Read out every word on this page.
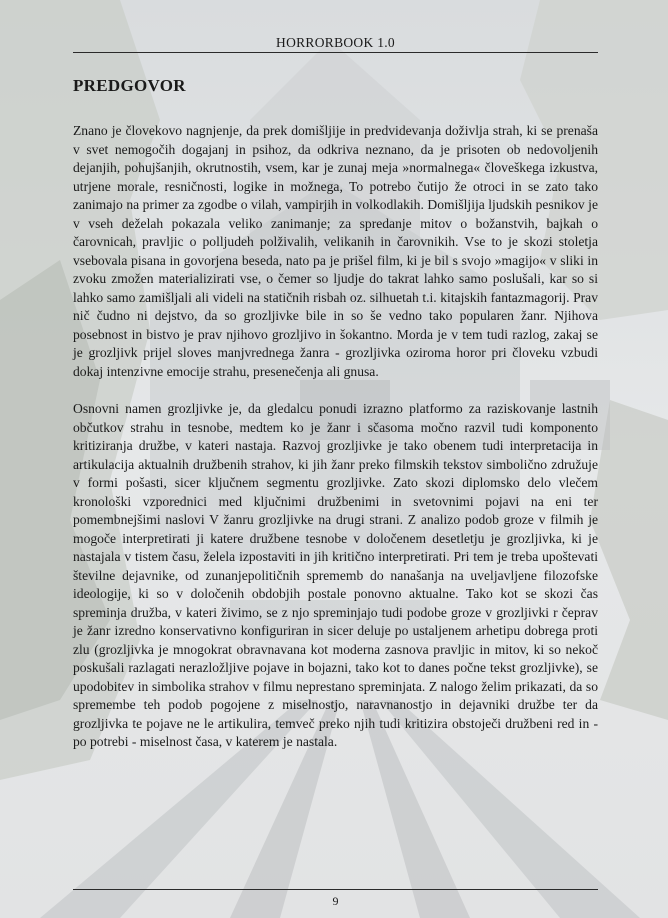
HORRORBOOK 1.0
PREDGOVOR

Znano je človekovo nagnjenje, da prek domišljije in predvidevanja doživlja strah, ki se prenaša v svet nemogočih dogajanj in psihoz, da odkriva neznano, da je prisoten ob nedovoljenih dejanjih, pohujšanjih, okrutnostih, vsem, kar je zunaj meja »normalnega« človeškega izkustva, utrjene morale, resničnosti, logike in možnega, To potrebo čutijo že otroci in se zato tako zanimajo na primer za zgodbe o vilah, vampirjih in volkodlakih. Domišljija ljudskih pesnikov je v vseh deželah pokazala veliko zanimanje; za spredanje mitov o božanstvih, bajkah o čarovnicah, pravljic o polljudeh polživalih, velikanih in čarovnikih. Vse to je skozi stoletja vsebovala pisana in govorjena beseda, nato pa je prišel film, ki je bil s svojo »magijo« v sliki in zvoku zmožen materializirati vse, o čemer so ljudje do takrat lahko samo poslušali, kar so si lahko samo zamišljali ali videli na statičnih risbah oz. silhuetah t.i. kitajskih fantazmagorij. Prav nič čudno ni dejstvo, da so grozljivke bile in so še vedno tako popularen žanr. Njihova posebnost in bistvo je prav njihovo grozljivo in šokantno. Morda je v tem tudi razlog, zakaj se je grozljivk prijel sloves manjvrednega žanra - grozljivka oziroma horor pri človeku vzbudi dokaj intenzivne emocije strahu, presenečenja ali gnusa.

Osnovni namen grozljivke je, da gledalcu ponudi izrazno platformo za raziskovanje lastnih občutkov strahu in tesnobe, medtem ko je žanr i sčasoma močno razvil tudi komponento kritiziranja družbe, v kateri nastaja. Razvoj grozljivke je tako obenem tudi interpretacija in artikulacija aktualnih družbenih strahov, ki jih žanr preko filmskih tekstov simbolično združuje v formi pošasti, sicer ključnem segmentu grozljivke. Zato skozi diplomsko delo vlečem kronološki vzporednici med ključnimi družbenimi in svetovnimi pojavi na eni ter pomembnejšimi naslovi V žanru grozljivke na drugi strani. Z analizo podob groze v filmih je mogoče interpretirati ji katere družbene tesnobe v določenem desetletju je grozljivka, ki je nastajala v tistem času, želela izpostaviti in jih kritično interpretirati. Pri tem je treba upoštevati številne dejavnike, od zunanjepolitičnih sprememb do nanašanja na uveljavljene filozofske ideologije, ki so v določenih obdobjih postale ponovno aktualne. Tako kot se skozi čas spreminja družba, v kateri živimo, se z njo spreminjajo tudi podobe groze v grozljivki r čeprav je žanr izredno konservativno konfiguriran in sicer deluje po ustaljenem arhetipu dobrega proti zlu (grozljivka je mnogokrat obravnavana kot moderna zasnova pravljic in mitov, ki so nekoč poskušali razlagati nerazložljive pojave in bojazni, tako kot to danes počne tekst grozljivke), se upodobitev in simbolika strahov v filmu neprestano spreminjata. Z nalogo želim prikazati, da so spremembe teh podob pogojene z miselnostjo, naravnanostjo in dejavniki družbe ter da grozljivka te pojave ne le artikulira, temveč preko njih tudi kritizira obstoječi družbeni red in - po potrebi - miselnost časa, v katerem je nastala.

9
